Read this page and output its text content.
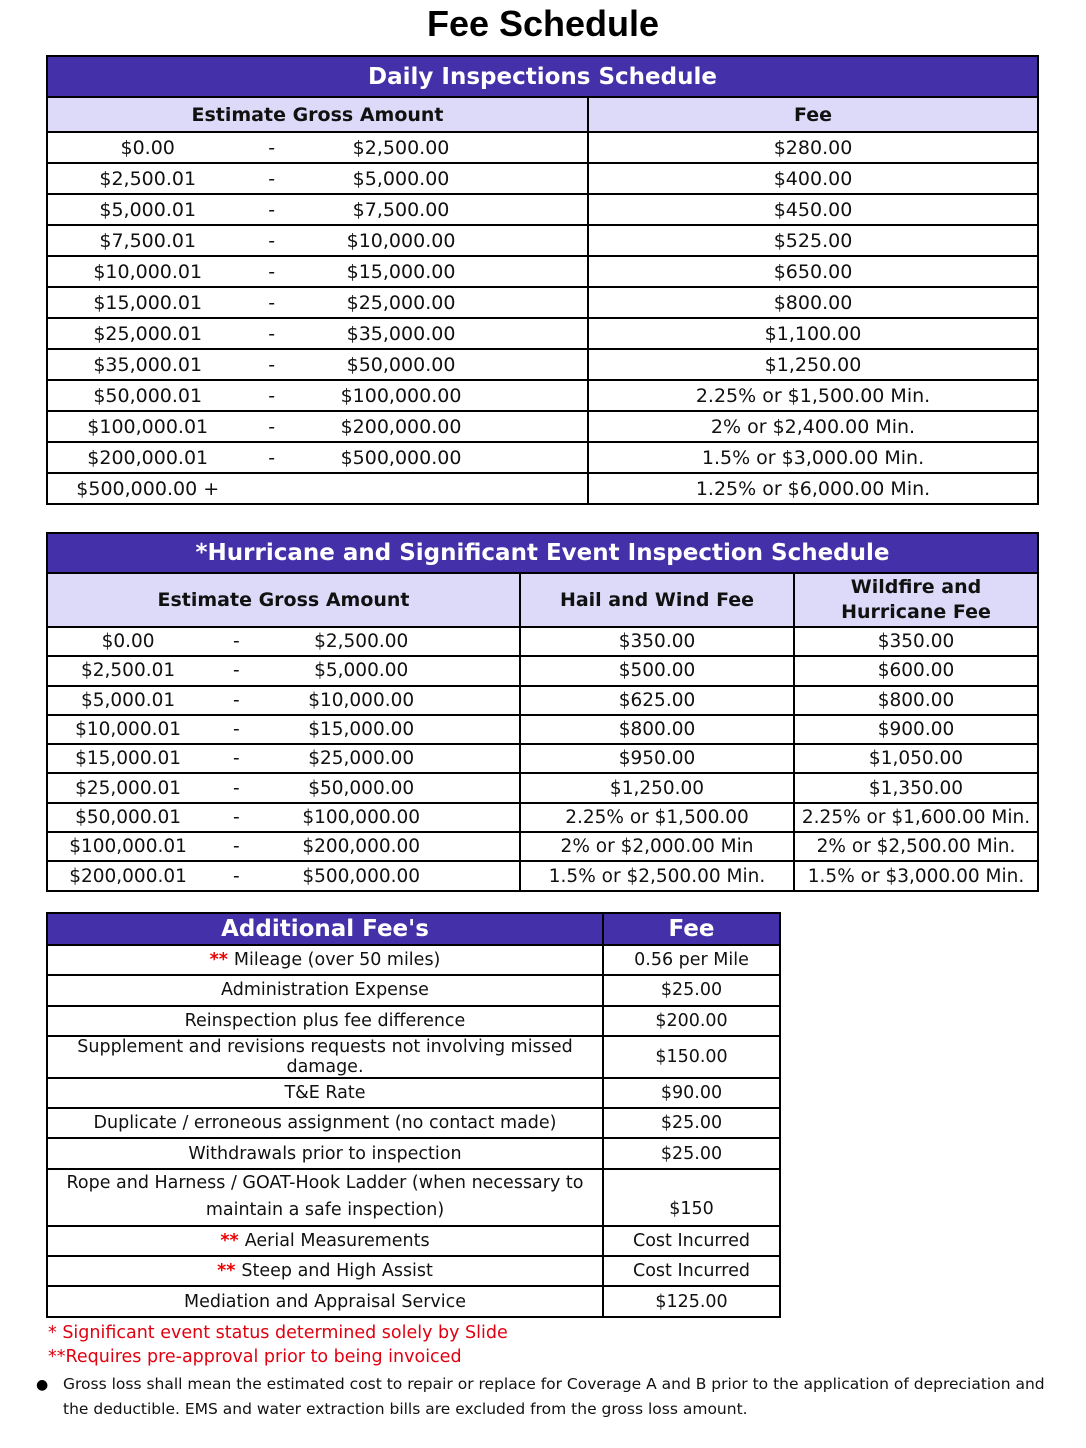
Fee Schedule
Daily Inspections Schedule	
Estimate Gross Amount	Fee

$0.00 - $2,500.00	$280.00

$2,500.01 - $5,000.00	$400.00

$5,000.01 - $7,500.00	$450.00

$7,500.01 - $10,000.00	$525.00

$10,000.01 - $15,000.00	$650.00

$15,000.01 - $25,000.00	$800.00

$25,000.01 - $35,000.00	$1,100.00

$35,000.01 - $50,000.00	$1,250.00

$50,000.01 - $100,000.00	2.25% or $1,500.00 Min.

$100,000.01 - $200,000.00	2% or $2,400.00 Min.

$200,000.01 - $500,000.00	1.5% or $3,000.00 Min.

$500,000.00 +	1.25% or $6,000.00 Min.
*Hurricane and Significant Event Inspection Schedule		
Estimate Gross Amount	Hail and Wind Fee	Wildfire and
Hurricane Fee

$0.00 - $2,500.00	$350.00	$350.00

$2,500.01 - $5,000.00	$500.00	$600.00

$5,000.01 - $10,000.00	$625.00	$800.00

$10,000.01 - $15,000.00	$800.00	$900.00

$15,000.01 - $25,000.00	$950.00	$1,050.00

$25,000.01 - $50,000.00	$1,250.00	$1,350.00

$50,000.01 - $100,000.00	2.25% or $1,500.00	2.25% or $1,600.00 Min.

$100,000.01 - $200,000.00	2% or $2,000.00 Min	2% or $2,500.00 Min.

$200,000.01 - $500,000.00	1.5% or $2,500.00 Min.	1.5% or $3,000.00 Min.
Additional Fee's	Fee
** Mileage (over 50 miles)	0.56 per Mile
Administration Expense	$25.00
Reinspection plus fee difference	$200.00
Supplement and revisions requests not involving missed damage.	$150.00
T&E Rate	$90.00
Duplicate / erroneous assignment (no contact made)	$25.00
Withdrawals prior to inspection	$25.00
Rope and Harness / GOAT-Hook Ladder (when necessary to maintain a safe inspection)	$150
** Aerial Measurements	Cost Incurred
** Steep and High Assist	Cost Incurred
Mediation and Appraisal Service	$125.00
* Significant event status determined solely by Slide
**Requires pre-approval prior to being invoiced
● Gross loss shall mean the estimated cost to repair or replace for Coverage A and B prior to the application of depreciation and the deductible. EMS and water extraction bills are excluded from the gross loss amount.
